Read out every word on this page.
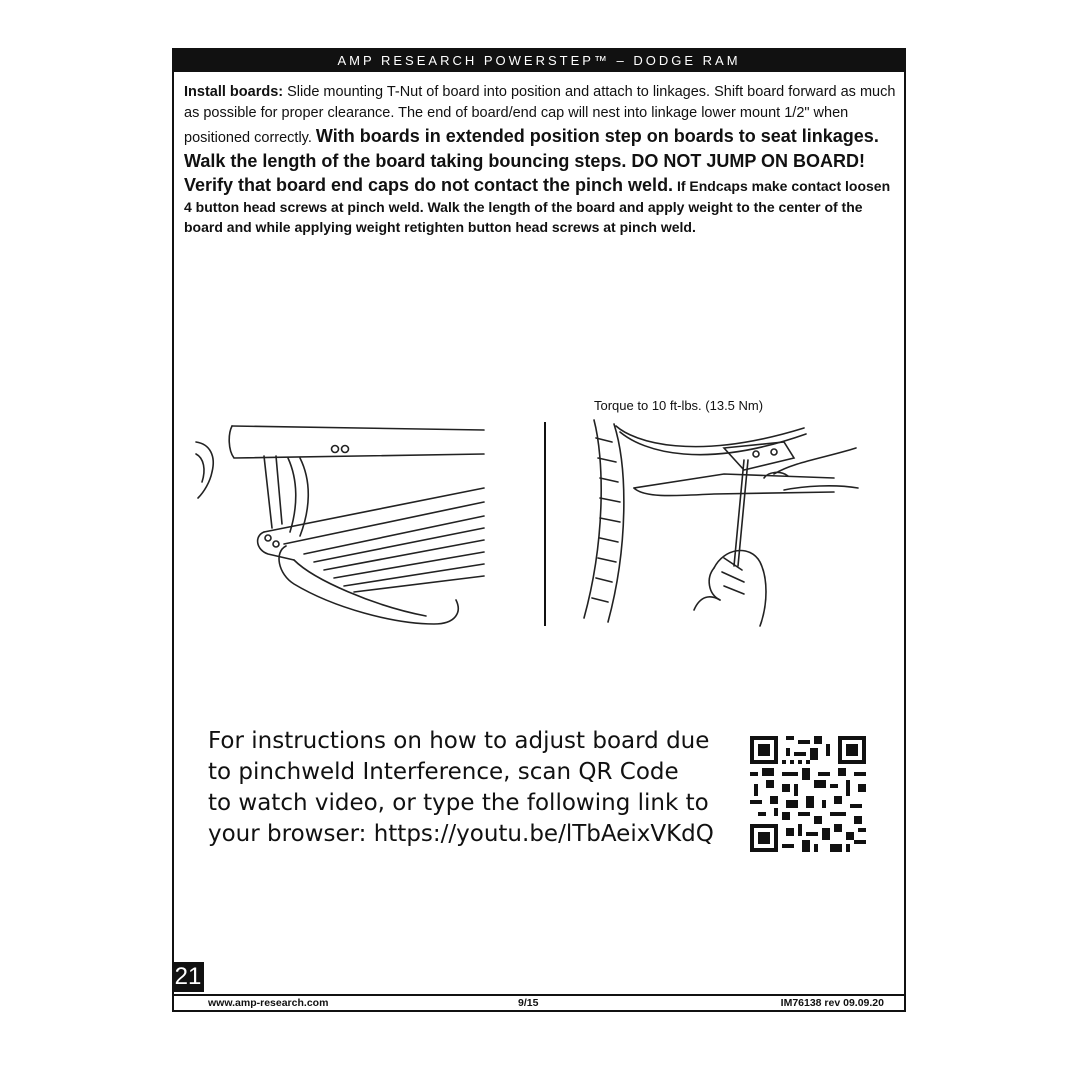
AMP RESEARCH POWERSTEP™ – DODGE RAM
Install boards: Slide mounting T-Nut of board into position and attach to linkages. Shift board forward as much as possible for proper clearance. The end of board/end cap will nest into linkage lower mount 1/2" when positioned correctly. With boards in extended position step on boards to seat linkages. Walk the length of the board taking bouncing steps. DO NOT JUMP ON BOARD! Verify that board end caps do not contact the pinch weld. If Endcaps make contact loosen 4 button head screws at pinch weld. Walk the length of the board and apply weight to the center of the board and while applying weight retighten button head screws at pinch weld.
Torque to 10 ft-lbs. (13.5 Nm)
For instructions on how to adjust board due
to pinchweld Interference, scan QR Code
to watch video, or type the following link to
your browser: https://youtu.be/lTbAeixVKdQ
21
www.amp-research.com	9/15	IM76138 rev 09.09.20
